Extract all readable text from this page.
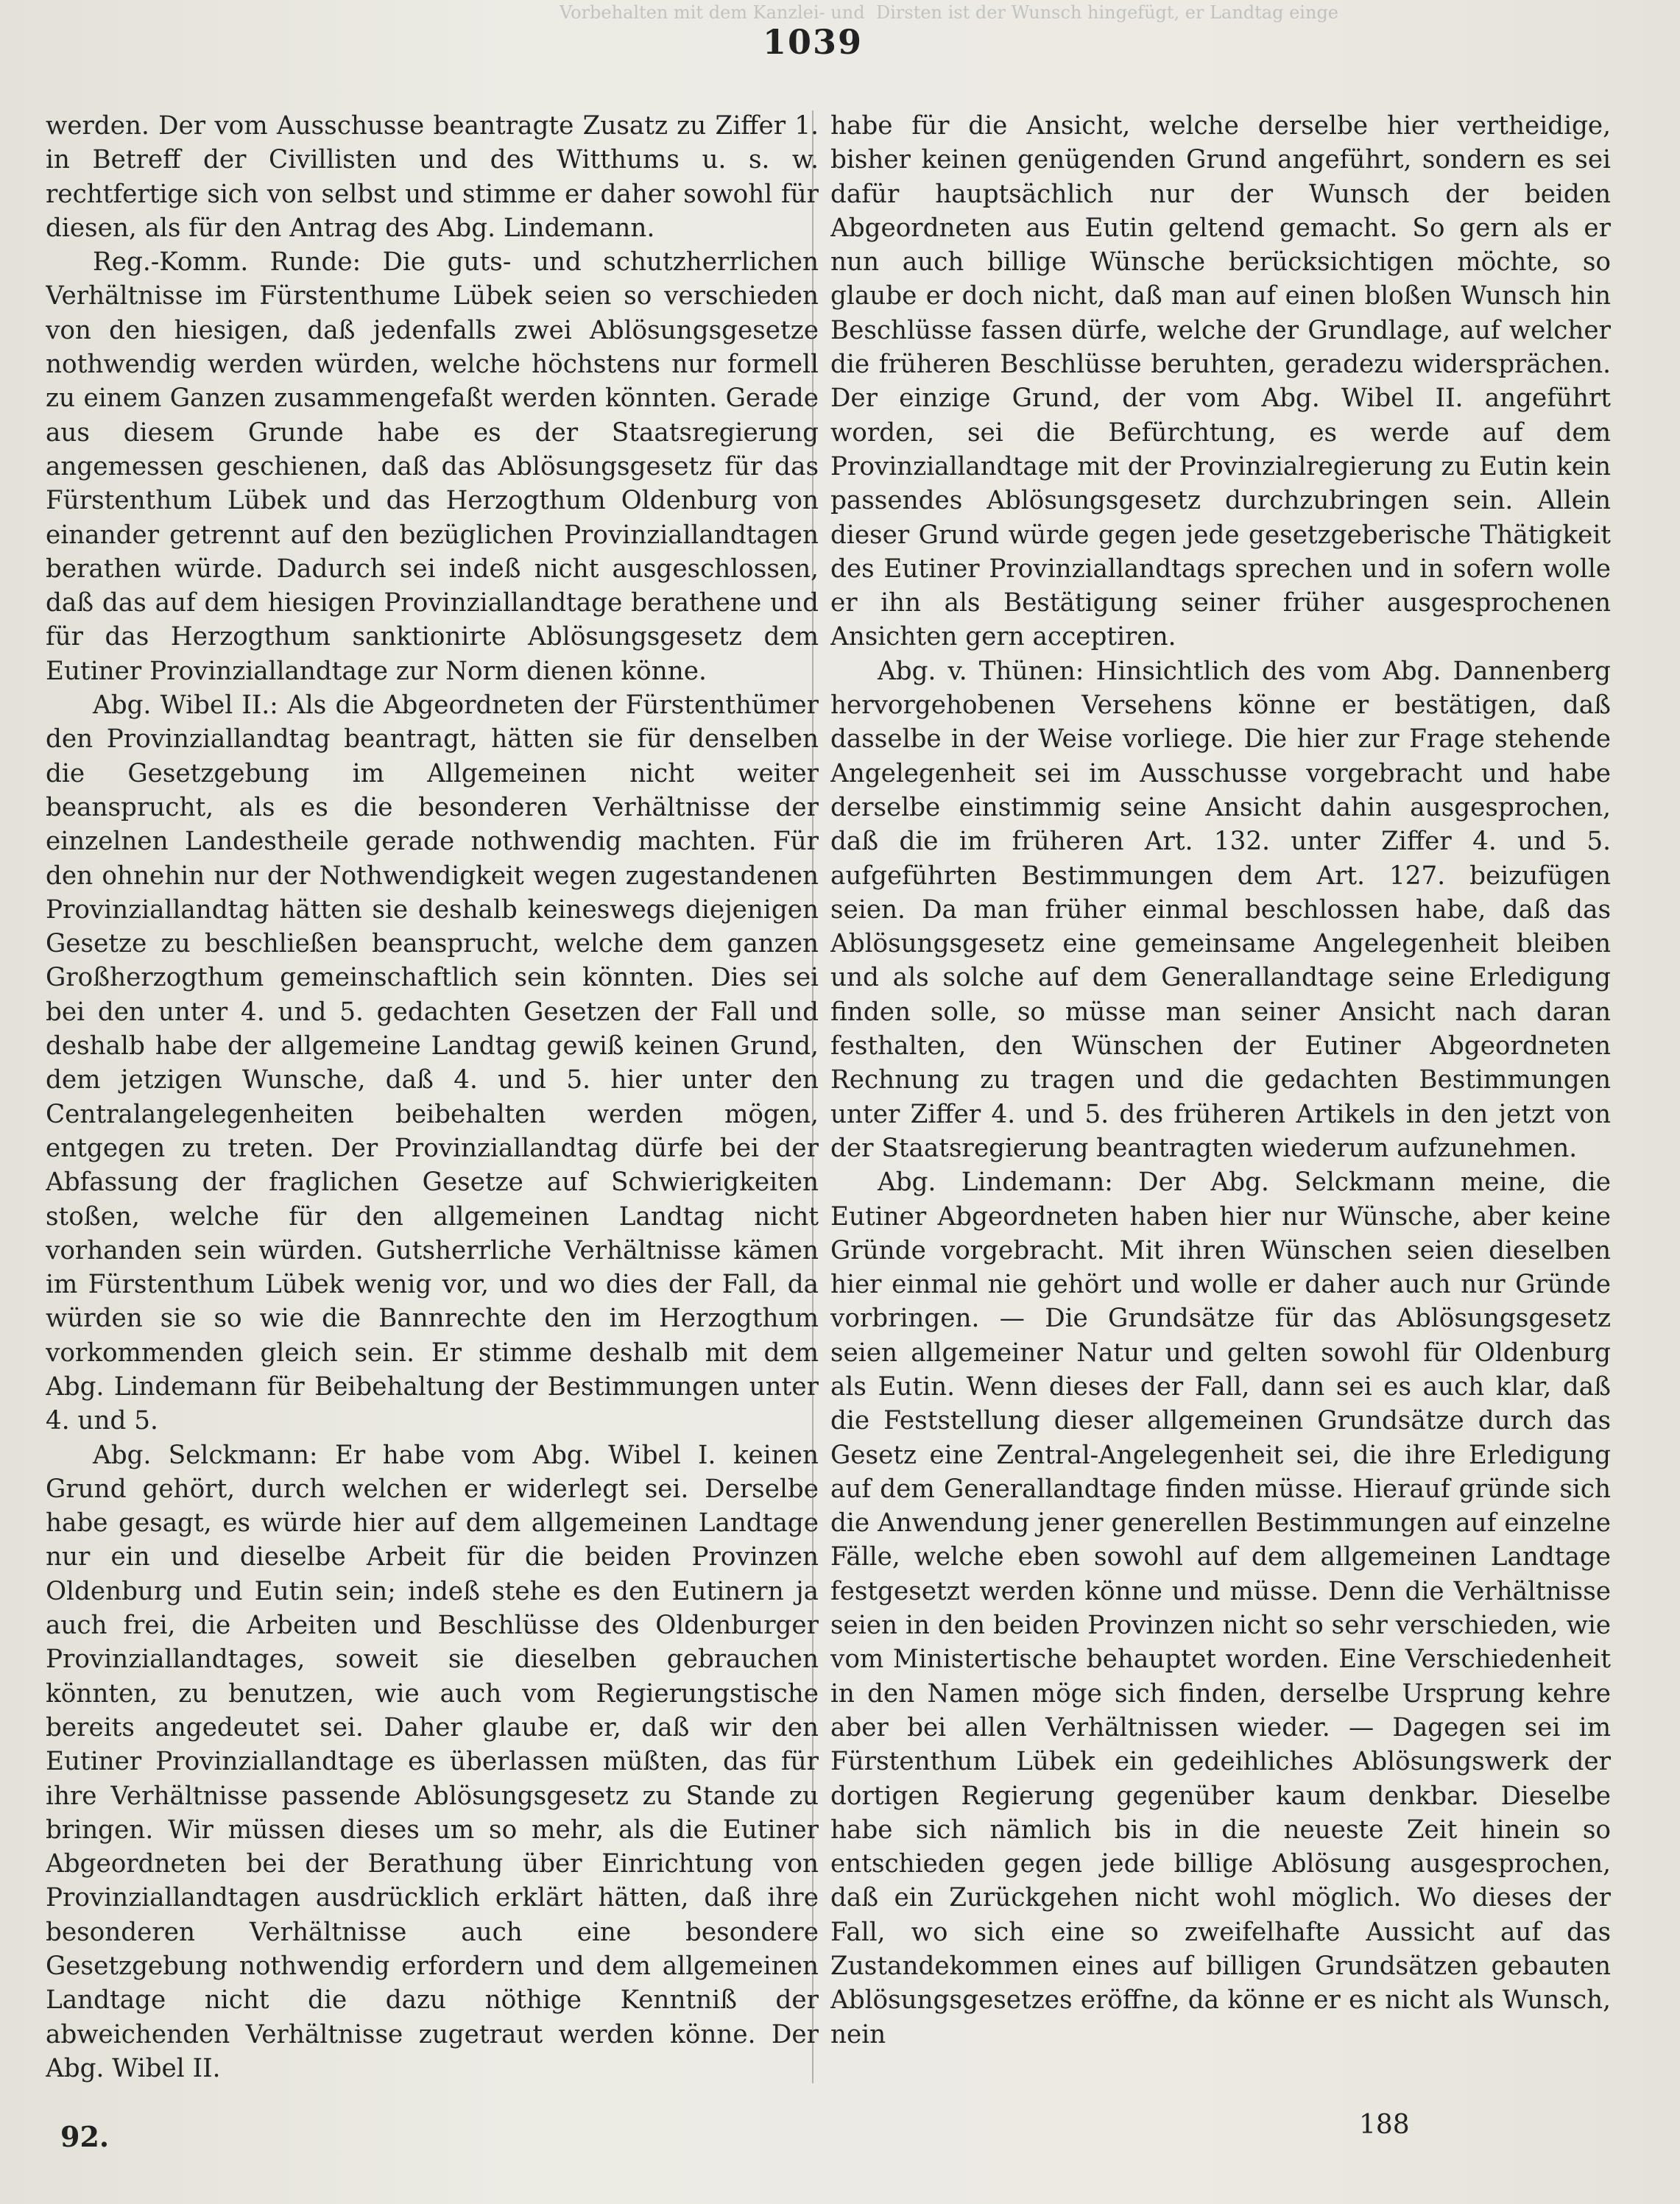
Vorbehalten mit dem Kanzlei- und Dirsten ist der Wunsch hingefügt, er Landtag einge
1039

werden. Der vom Ausschusse beantragte Zusatz zu Ziffer 1. in Betreff der Civillisten und des Witthums u. s. w. rechtfertige sich von selbst und stimme er daher sowohl für diesen, als für den Antrag des Abg. Lindemann.

Reg.-Komm. Runde: Die guts- und schutzherrlichen Verhältnisse im Fürstenthume Lübek seien so verschieden von den hiesigen, daß jedenfalls zwei Ablösungsgesetze nothwendig werden würden, welche höchstens nur formell zu einem Ganzen zusammengefaßt werden könnten. Gerade aus diesem Grunde habe es der Staatsregierung angemessen geschienen, daß das Ablösungsgesetz für das Fürstenthum Lübek und das Herzogthum Oldenburg von einander getrennt auf den bezüglichen Provinziallandtagen berathen würde. Dadurch sei indeß nicht ausgeschlossen, daß das auf dem hiesigen Provinziallandtage berathene und für das Herzogthum sanktionirte Ablösungsgesetz dem Eutiner Provinziallandtage zur Norm dienen könne.

Abg. Wibel II.: Als die Abgeordneten der Fürstenthümer den Provinziallandtag beantragt, hätten sie für denselben die Gesetzgebung im Allgemeinen nicht weiter beansprucht, als es die besonderen Verhältnisse der einzelnen Landestheile gerade nothwendig machten. Für den ohnehin nur der Nothwendigkeit wegen zugestandenen Provinziallandtag hätten sie deshalb keineswegs diejenigen Gesetze zu beschließen beansprucht, welche dem ganzen Großherzogthum gemeinschaftlich sein könnten. Dies sei bei den unter 4. und 5. gedachten Gesetzen der Fall und deshalb habe der allgemeine Landtag gewiß keinen Grund, dem jetzigen Wunsche, daß 4. und 5. hier unter den Centralangelegenheiten beibehalten werden mögen, entgegen zu treten. Der Provinziallandtag dürfe bei der Abfassung der fraglichen Gesetze auf Schwierigkeiten stoßen, welche für den allgemeinen Landtag nicht vorhanden sein würden. Gutsherrliche Verhältnisse kämen im Fürstenthum Lübek wenig vor, und wo dies der Fall, da würden sie so wie die Bannrechte den im Herzogthum vorkommenden gleich sein. Er stimme deshalb mit dem Abg. Lindemann für Beibehaltung der Bestimmungen unter 4. und 5.

Abg. Selckmann: Er habe vom Abg. Wibel I. keinen Grund gehört, durch welchen er widerlegt sei. Derselbe habe gesagt, es würde hier auf dem allgemeinen Landtage nur ein und dieselbe Arbeit für die beiden Provinzen Oldenburg und Eutin sein; indeß stehe es den Eutinern ja auch frei, die Arbeiten und Beschlüsse des Oldenburger Provinziallandtages, soweit sie dieselben gebrauchen könnten, zu benutzen, wie auch vom Regierungstische bereits angedeutet sei. Daher glaube er, daß wir den Eutiner Provinziallandtage es überlassen müßten, das für ihre Verhältnisse passende Ablösungsgesetz zu Stande zu bringen. Wir müssen dieses um so mehr, als die Eutiner Abgeordneten bei der Berathung über Einrichtung von Provinziallandtagen ausdrücklich erklärt hätten, daß ihre besonderen Verhältnisse auch eine besondere Gesetzgebung nothwendig erfordern und dem allgemeinen Landtage nicht die dazu nöthige Kenntniß der abweichenden Verhältnisse zugetraut werden könne. Der Abg. Wibel II.

habe für die Ansicht, welche derselbe hier vertheidige, bisher keinen genügenden Grund angeführt, sondern es sei dafür hauptsächlich nur der Wunsch der beiden Abgeordneten aus Eutin geltend gemacht. So gern als er nun auch billige Wünsche berücksichtigen möchte, so glaube er doch nicht, daß man auf einen bloßen Wunsch hin Beschlüsse fassen dürfe, welche der Grundlage, auf welcher die früheren Beschlüsse beruhten, geradezu widersprächen. Der einzige Grund, der vom Abg. Wibel II. angeführt worden, sei die Befürchtung, es werde auf dem Provinziallandtage mit der Provinzialregierung zu Eutin kein passendes Ablösungsgesetz durchzubringen sein. Allein dieser Grund würde gegen jede gesetzgeberische Thätigkeit des Eutiner Provinziallandtags sprechen und in sofern wolle er ihn als Bestätigung seiner früher ausgesprochenen Ansichten gern acceptiren.

Abg. v. Thünen: Hinsichtlich des vom Abg. Dannenberg hervorgehobenen Versehens könne er bestätigen, daß dasselbe in der Weise vorliege. Die hier zur Frage stehende Angelegenheit sei im Ausschusse vorgebracht und habe derselbe einstimmig seine Ansicht dahin ausgesprochen, daß die im früheren Art. 132. unter Ziffer 4. und 5. aufgeführten Bestimmungen dem Art. 127. beizufügen seien. Da man früher einmal beschlossen habe, daß das Ablösungsgesetz eine gemeinsame Angelegenheit bleiben und als solche auf dem Generallandtage seine Erledigung finden solle, so müsse man seiner Ansicht nach daran festhalten, den Wünschen der Eutiner Abgeordneten Rechnung zu tragen und die gedachten Bestimmungen unter Ziffer 4. und 5. des früheren Artikels in den jetzt von der Staatsregierung beantragten wiederum aufzunehmen.

Abg. Lindemann: Der Abg. Selckmann meine, die Eutiner Abgeordneten haben hier nur Wünsche, aber keine Gründe vorgebracht. Mit ihren Wünschen seien dieselben hier einmal nie gehört und wolle er daher auch nur Gründe vorbringen. — Die Grundsätze für das Ablösungsgesetz seien allgemeiner Natur und gelten sowohl für Oldenburg als Eutin. Wenn dieses der Fall, dann sei es auch klar, daß die Feststellung dieser allgemeinen Grundsätze durch das Gesetz eine Zentral-Angelegenheit sei, die ihre Erledigung auf dem Generallandtage finden müsse. Hierauf gründe sich die Anwendung jener generellen Bestimmungen auf einzelne Fälle, welche eben sowohl auf dem allgemeinen Landtage festgesetzt werden könne und müsse. Denn die Verhältnisse seien in den beiden Provinzen nicht so sehr verschieden, wie vom Ministertische behauptet worden. Eine Verschiedenheit in den Namen möge sich finden, derselbe Ursprung kehre aber bei allen Verhältnissen wieder. — Dagegen sei im Fürstenthum Lübek ein gedeihliches Ablösungswerk der dortigen Regierung gegenüber kaum denkbar. Dieselbe habe sich nämlich bis in die neueste Zeit hinein so entschieden gegen jede billige Ablösung ausgesprochen, daß ein Zurückgehen nicht wohl möglich. Wo dieses der Fall, wo sich eine so zweifelhafte Aussicht auf das Zustandekommen eines auf billigen Grundsätzen gebauten Ablösungsgesetzes eröffne, da könne er es nicht als Wunsch, nein

92.	188
